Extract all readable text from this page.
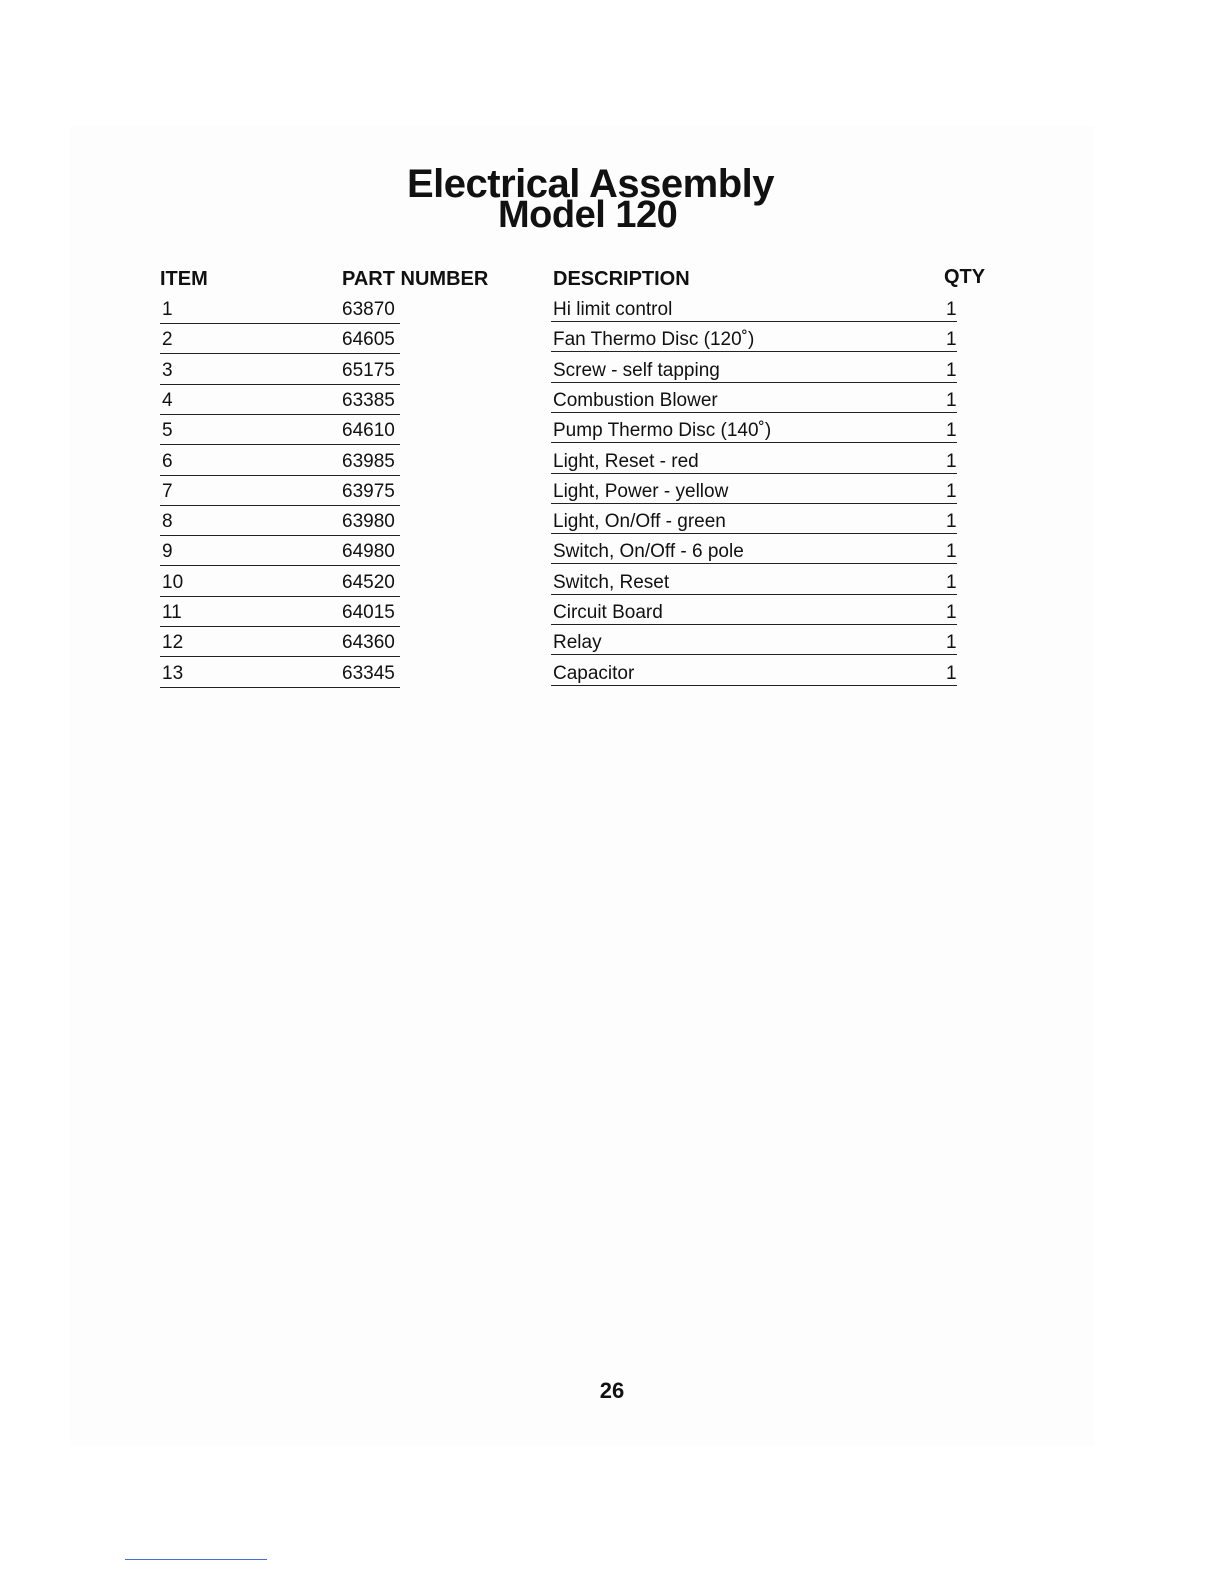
Electrical Assembly
Model 120
ITEM	PART NUMBER	DESCRIPTION	QTY
1	63870	Hi limit control	1
2	64605	Fan Thermo Disc (120˚)	1
3	65175	Screw - self tapping	1
4	63385	Combustion Blower	1
5	64610	Pump Thermo Disc (140˚)	1
6	63985	Light, Reset - red	1
7	63975	Light, Power - yellow	1
8	63980	Light, On/Off - green	1
9	64980	Switch, On/Off - 6 pole	1
10	64520	Switch, Reset	1
11	64015	Circuit Board	1
12	64360	Relay	1
13	63345	Capacitor	1
26
